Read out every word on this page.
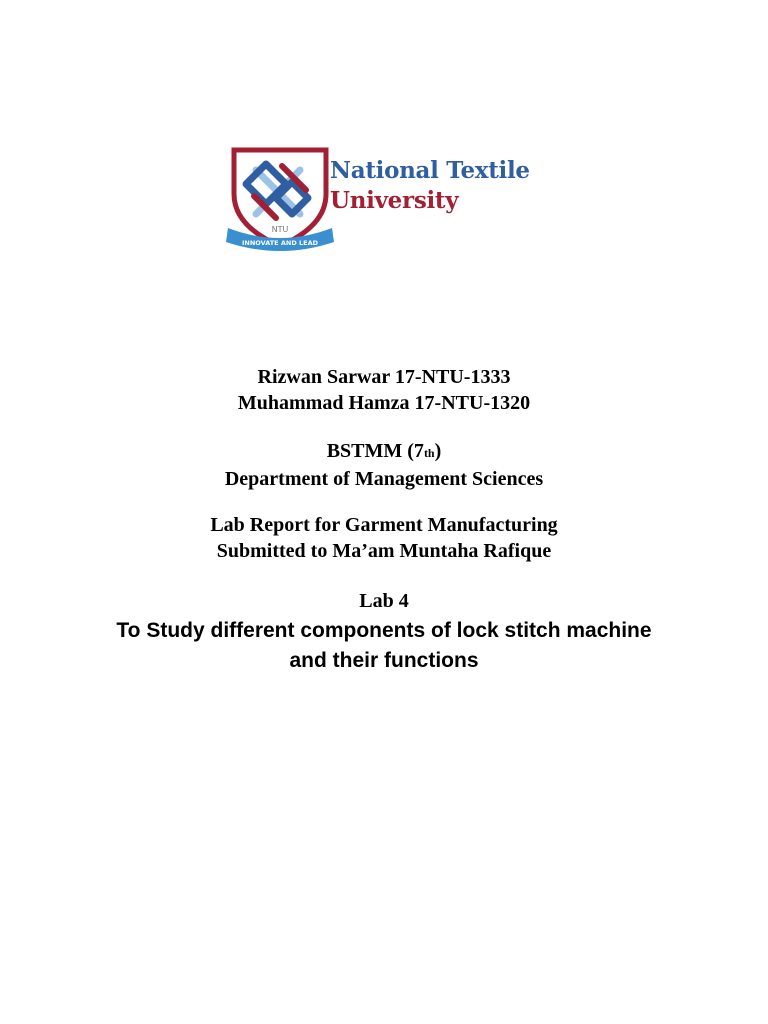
NTU
INNOVATE AND LEAD
National Textile
University
Rizwan Sarwar 17-NTU-1333
Muhammad Hamza 17-NTU-1320
BSTMM (7th)
Department of Management Sciences
Lab Report for Garment Manufacturing
Submitted to Ma’am Muntaha Rafique
Lab 4
To Study different components of lock stitch machine
and their functions
